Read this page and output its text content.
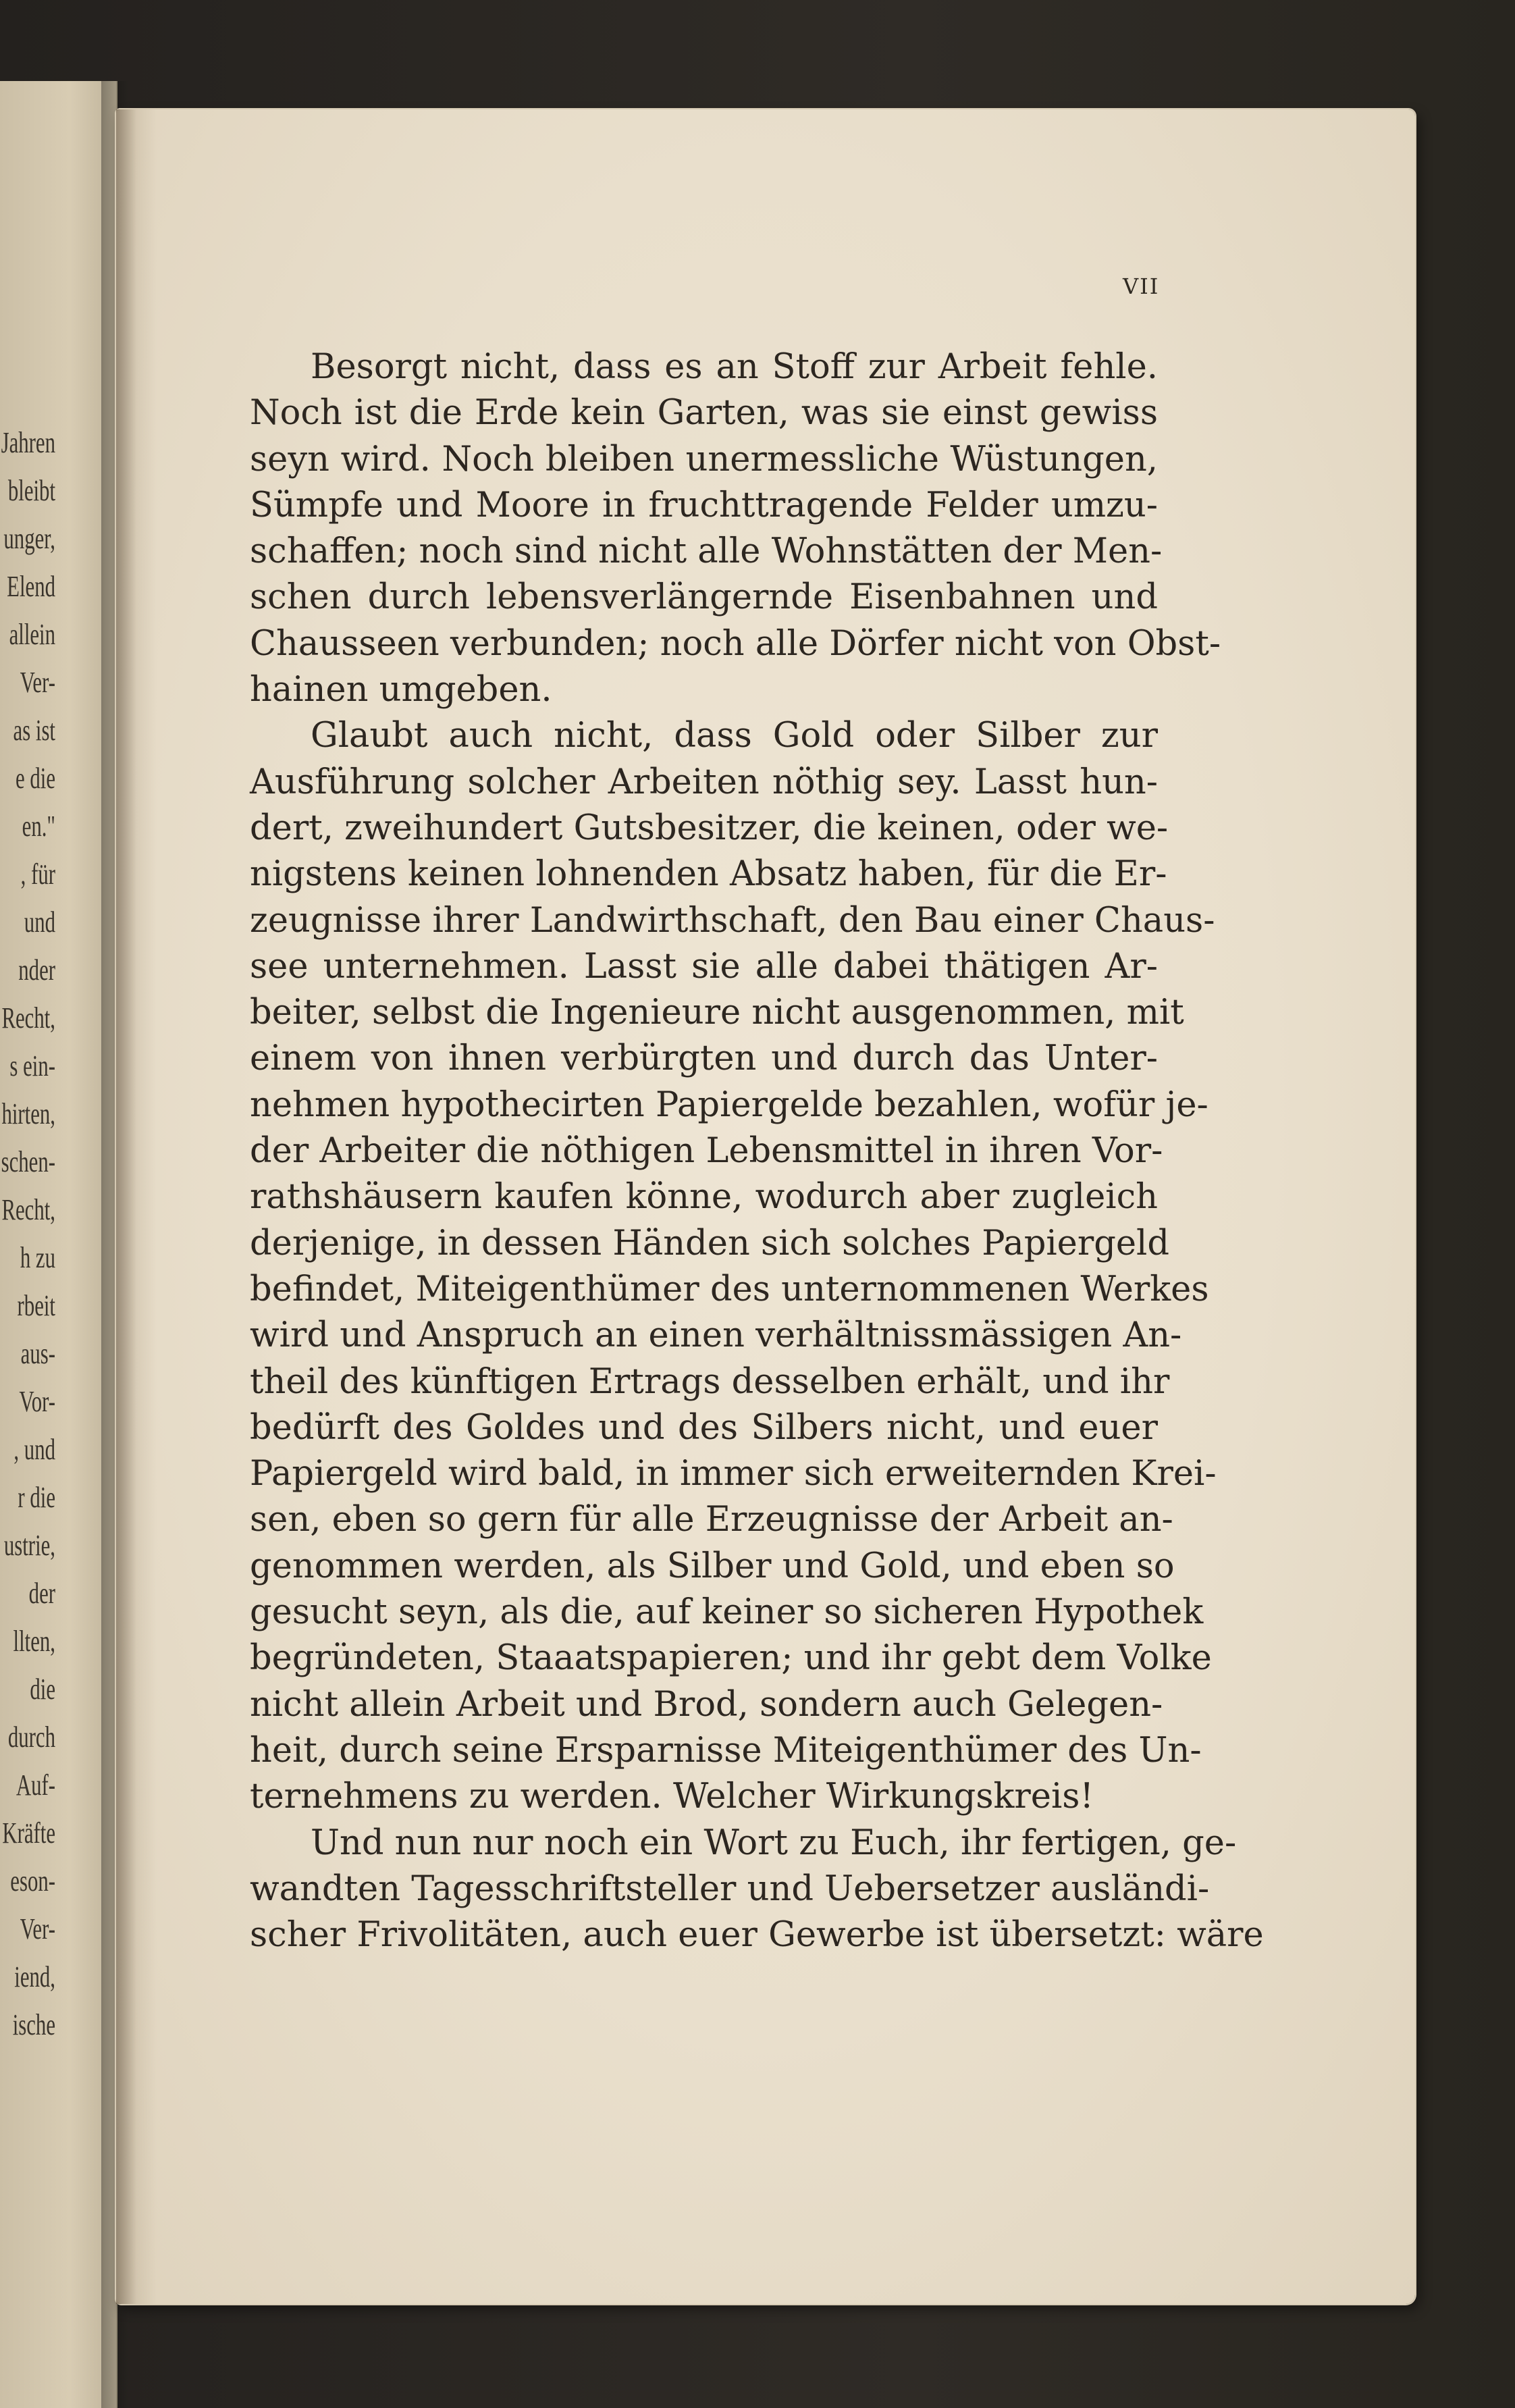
Jahren
bleibt
unger,
Elend
allein
Ver-
as ist
e die
en."
, für
und
nder
Recht,
s ein-
hirten,
schen-
Recht,
h zu
rbeit
aus-
Vor-
, und
r die
ustrie,
der
llten,
die
durch
Auf-
Kräfte
eson-
Ver-
iend,
ische
VII
Besorgt nicht, dass es an Stoff zur Arbeit fehle.
Noch ist die Erde kein Garten, was sie einst gewiss
seyn wird. Noch bleiben unermessliche Wüstungen,
Sümpfe und Moore in fruchttragende Felder umzu-
schaffen; noch sind nicht alle Wohnstätten der Men-
schen durch lebensverlängernde Eisenbahnen und
Chausseen verbunden; noch alle Dörfer nicht von Obst-
hainen umgeben.
Glaubt auch nicht, dass Gold oder Silber zur
Ausführung solcher Arbeiten nöthig sey. Lasst hun-
dert, zweihundert Gutsbesitzer, die keinen, oder we-
nigstens keinen lohnenden Absatz haben, für die Er-
zeugnisse ihrer Landwirthschaft, den Bau einer Chaus-
see unternehmen. Lasst sie alle dabei thätigen Ar-
beiter, selbst die Ingenieure nicht ausgenommen, mit
einem von ihnen verbürgten und durch das Unter-
nehmen hypothecirten Papiergelde bezahlen, wofür je-
der Arbeiter die nöthigen Lebensmittel in ihren Vor-
rathshäusern kaufen könne, wodurch aber zugleich
derjenige, in dessen Händen sich solches Papiergeld
befindet, Miteigenthümer des unternommenen Werkes
wird und Anspruch an einen verhältnissmässigen An-
theil des künftigen Ertrags desselben erhält, und ihr
bedürft des Goldes und des Silbers nicht, und euer
Papiergeld wird bald, in immer sich erweiternden Krei-
sen, eben so gern für alle Erzeugnisse der Arbeit an-
genommen werden, als Silber und Gold, und eben so
gesucht seyn, als die, auf keiner so sicheren Hypothek
begründeten, Staaatspapieren; und ihr gebt dem Volke
nicht allein Arbeit und Brod, sondern auch Gelegen-
heit, durch seine Ersparnisse Miteigenthümer des Un-
ternehmens zu werden. Welcher Wirkungskreis!
Und nun nur noch ein Wort zu Euch, ihr fertigen, ge-
wandten Tagesschriftsteller und Uebersetzer ausländi-
scher Frivolitäten, auch euer Gewerbe ist übersetzt: wäre
